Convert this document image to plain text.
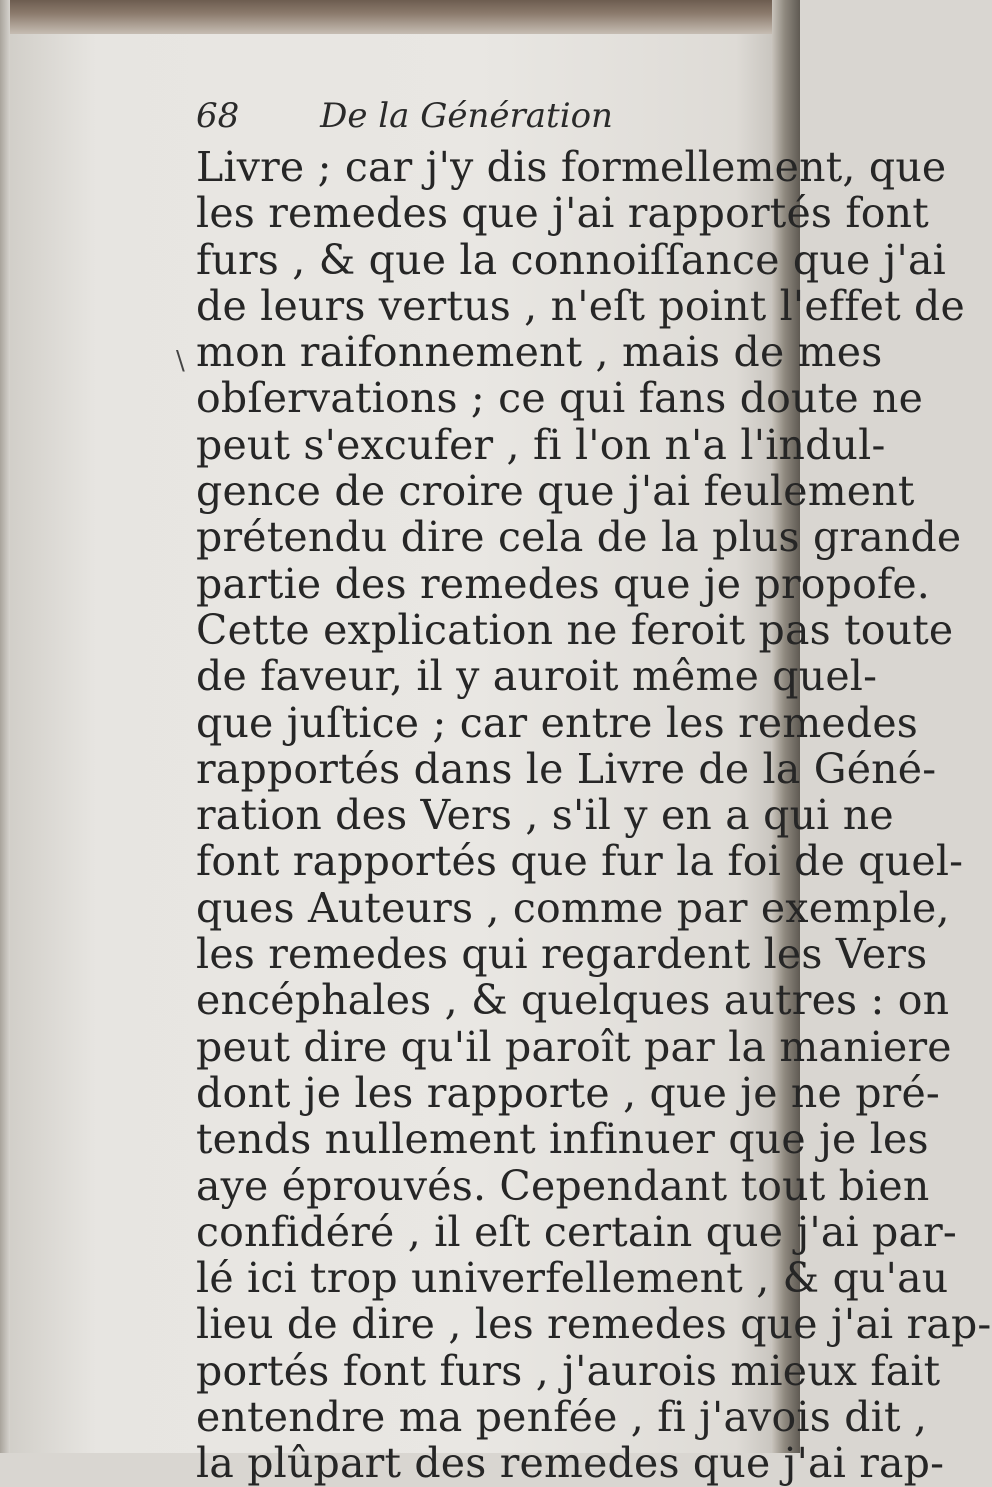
68 De la Génération
\
Livre ; car j'y dis formellement, que
les remedes que j'ai rapportés font
furs , & que la connoiſſance que j'ai
de leurs vertus , n'eſt point l'effet de
mon raifonnement , mais de mes
obſervations ; ce qui fans doute ne
peut s'excufer , fi l'on n'a l'indul-
gence de croire que j'ai feulement
prétendu dire cela de la plus grande
partie des remedes que je propofe.
Cette explication ne feroit pas toute
de faveur, il y auroit même quel-
que juſtice ; car entre les remedes
rapportés dans le Livre de la Géné-
ration des Vers , s'il y en a qui ne
font rapportés que fur la foi de quel-
ques Auteurs , comme par exemple,
les remedes qui regardent les Vers
encéphales , & quelques autres : on
peut dire qu'il paroît par la maniere
dont je les rapporte , que je ne pré-
tends nullement infinuer que je les
aye éprouvés. Cependant tout bien
confidéré , il eſt certain que j'ai par-
lé ici trop univerfellement , & qu'au
lieu de dire , les remedes que j'ai rap-
portés font furs , j'aurois mieux fait
entendre ma penfée , fi j'avois dit ,
la plûpart des remedes que j'ai rap-
